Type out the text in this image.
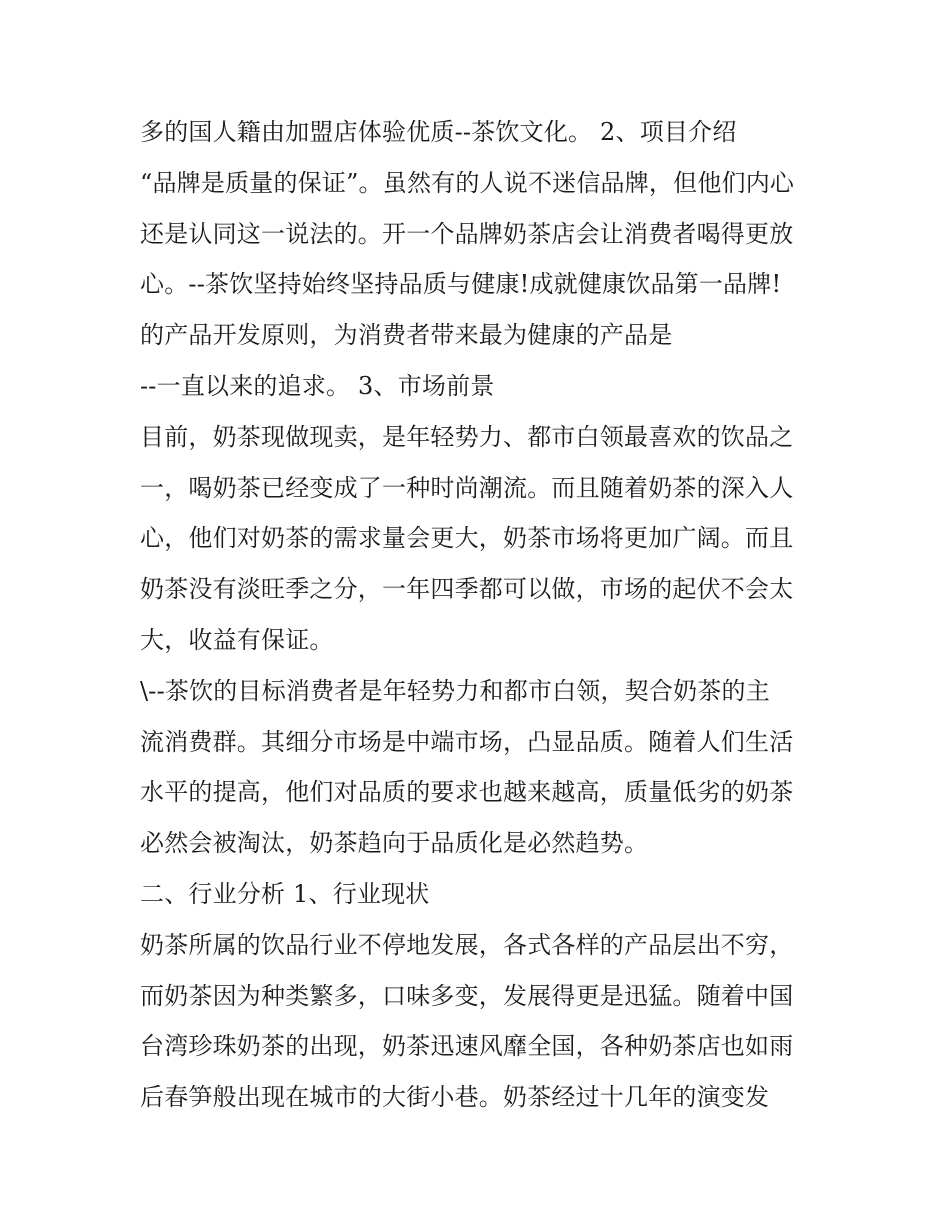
多的国人籍由加盟店体验优质--茶饮文化。 2、项目介绍
“品牌是质量的保证”。虽然有的人说不迷信品牌，但他们内心
还是认同这一说法的。开一个品牌奶茶店会让消费者喝得更放
心。--茶饮坚持始终坚持品质与健康!成就健康饮品第一品牌!
的产品开发原则，为消费者带来最为健康的产品是
--一直以来的追求。 3、市场前景
目前，奶茶现做现卖，是年轻势力、都市白领最喜欢的饮品之
一，喝奶茶已经变成了一种时尚潮流。而且随着奶茶的深入人
心，他们对奶茶的需求量会更大，奶茶市场将更加广阔。而且
奶茶没有淡旺季之分，一年四季都可以做，市场的起伏不会太
大，收益有保证。
\--茶饮的目标消费者是年轻势力和都市白领，契合奶茶的主
流消费群。其细分市场是中端市场，凸显品质。随着人们生活
水平的提高，他们对品质的要求也越来越高，质量低劣的奶茶
必然会被淘汰，奶茶趋向于品质化是必然趋势。
二、行业分析 1、行业现状
奶茶所属的饮品行业不停地发展，各式各样的产品层出不穷，
而奶茶因为种类繁多，口味多变，发展得更是迅猛。随着中国
台湾珍珠奶茶的出现，奶茶迅速风靡全国，各种奶茶店也如雨
后春笋般出现在城市的大街小巷。奶茶经过十几年的演变发
